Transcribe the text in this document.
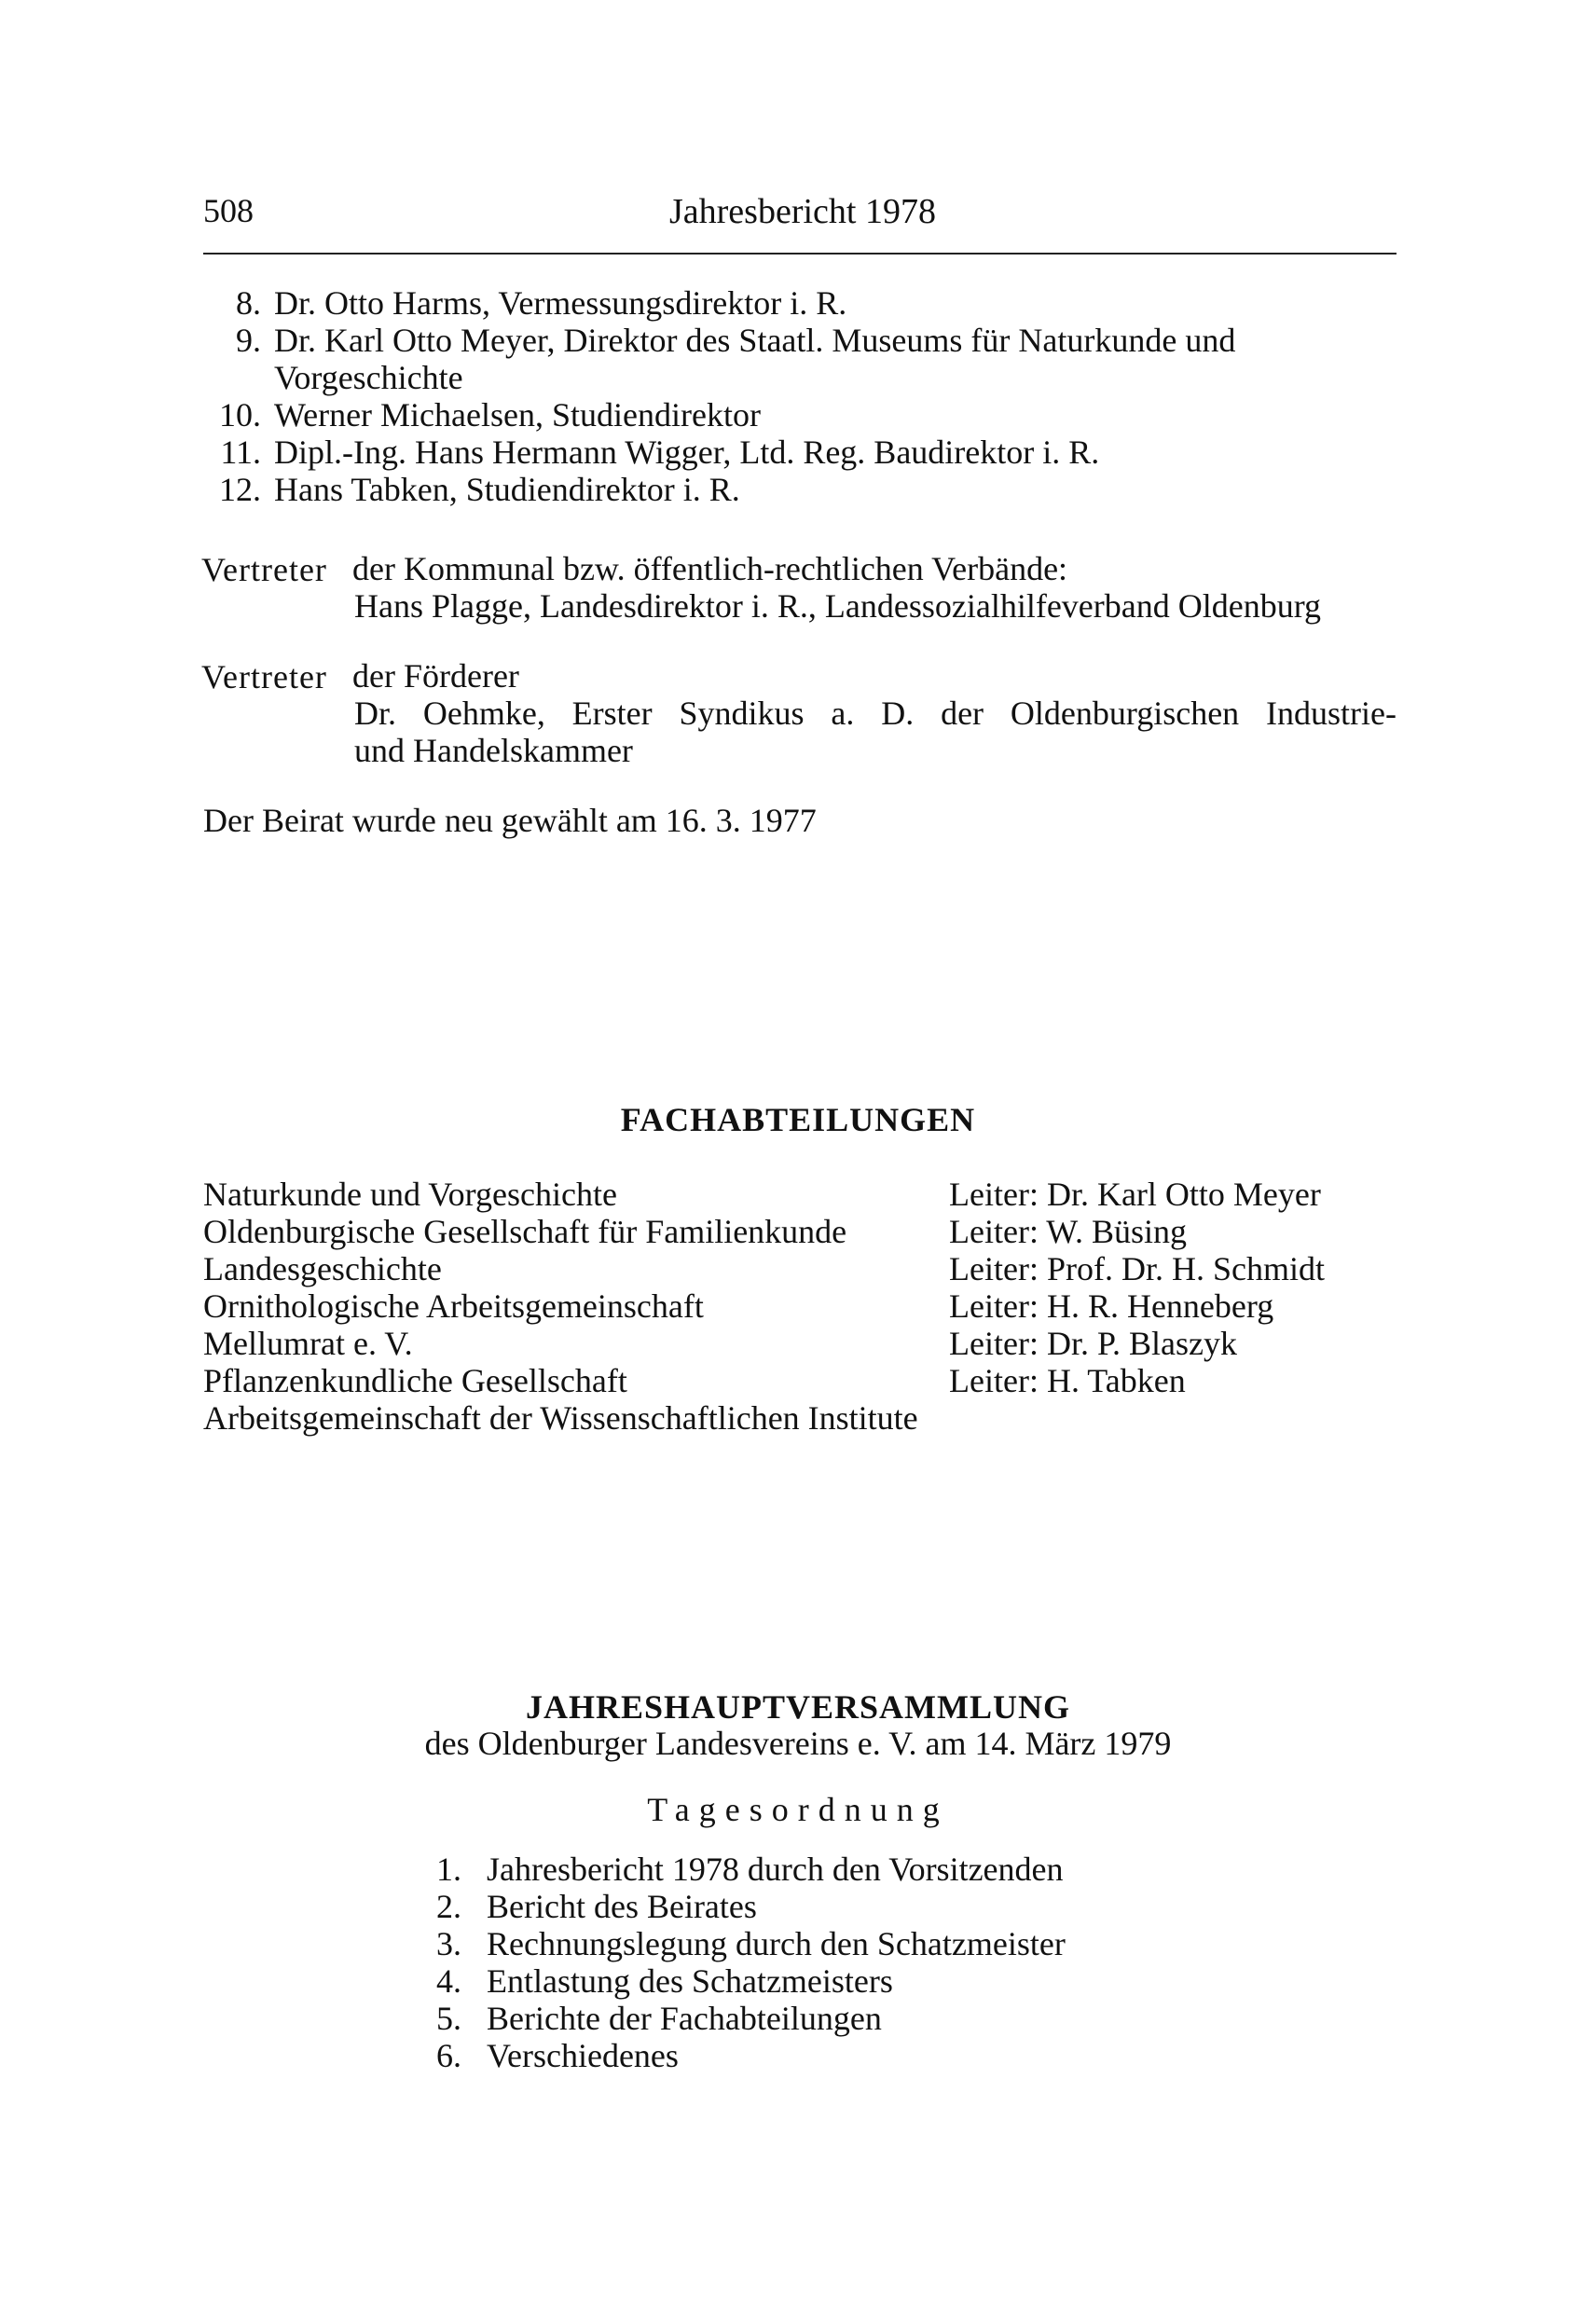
508	Jahresbericht 1978
8. Dr. Otto Harms, Vermessungsdirektor i. R.
9. Dr. Karl Otto Meyer, Direktor des Staatl. Museums für Naturkunde und Vorgeschichte
10. Werner Michaelsen, Studiendirektor
11. Dipl.-Ing. Hans Hermann Wigger, Ltd. Reg. Baudirektor i. R.
12. Hans Tabken, Studiendirektor i. R.
Vertreter der Kommunal bzw. öffentlich-rechtlichen Verbände:
Hans Plagge, Landesdirektor i. R., Landessozialhilfeverband Oldenburg
Vertreter der Förderer
Dr. Oehmke, Erster Syndikus a. D. der Oldenburgischen Industrie-
und Handelskammer
Der Beirat wurde neu gewählt am 16. 3. 1977
FACHABTEILUNGEN
Naturkunde und Vorgeschichte	Leiter: Dr. Karl Otto Meyer
Oldenburgische Gesellschaft für Familienkunde	Leiter: W. Büsing
Landesgeschichte	Leiter: Prof. Dr. H. Schmidt
Ornithologische Arbeitsgemeinschaft	Leiter: H. R. Henneberg
Mellumrat e. V.	Leiter: Dr. P. Blaszyk
Pflanzenkundliche Gesellschaft	Leiter: H. Tabken
Arbeitsgemeinschaft der Wissenschaftlichen Institute
JAHRESHAUPTVERSAMMLUNG
des Oldenburger Landesvereins e. V. am 14. März 1979
Tagesordnung
1. Jahresbericht 1978 durch den Vorsitzenden
2. Bericht des Beirates
3. Rechnungslegung durch den Schatzmeister
4. Entlastung des Schatzmeisters
5. Berichte der Fachabteilungen
6. Verschiedenes
